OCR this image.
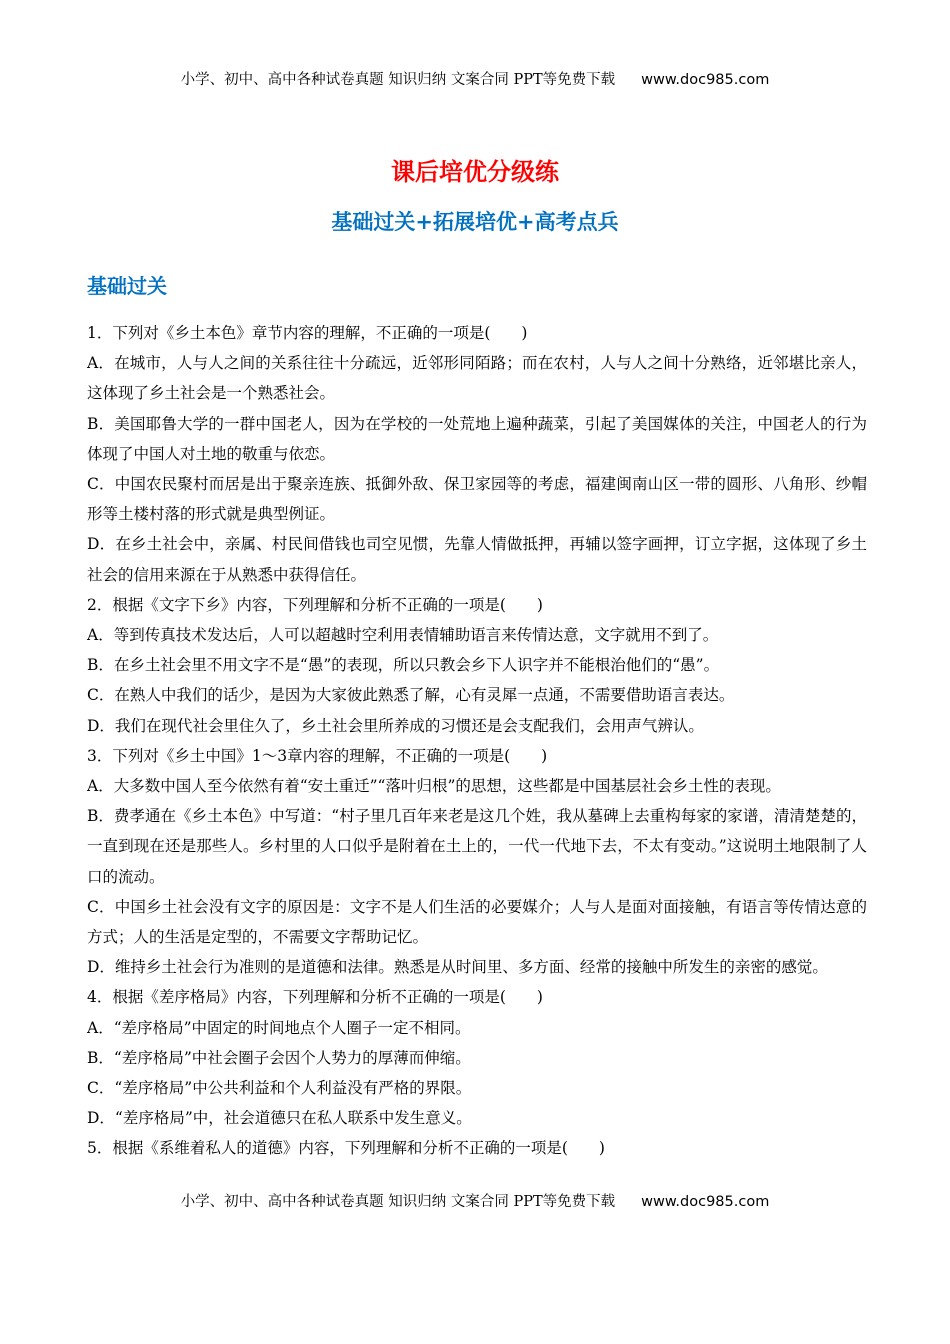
小学、初中、高中各种试卷真题 知识归纳 文案合同 PPT等免费下载 www.doc985.com
课后培优分级练
基础过关+拓展培优+高考点兵
基础过关

1．下列对《乡土本色》章节内容的理解，不正确的一项是(　　)

A．在城市，人与人之间的关系往往十分疏远，近邻形同陌路；而在农村，人与人之间十分熟络，近邻堪比亲人，这体现了乡土社会是一个熟悉社会。

B．美国耶鲁大学的一群中国老人，因为在学校的一处荒地上遍种蔬菜，引起了美国媒体的关注，中国老人的行为体现了中国人对土地的敬重与依恋。

C．中国农民聚村而居是出于聚亲连族、抵御外敌、保卫家园等的考虑，福建闽南山区一带的圆形、八角形、纱帽形等土楼村落的形式就是典型例证。

D．在乡土社会中，亲属、村民间借钱也司空见惯，先靠人情做抵押，再辅以签字画押，订立字据，这体现了乡土社会的信用来源在于从熟悉中获得信任。

2．根据《文字下乡》内容，下列理解和分析不正确的一项是(　　)

A．等到传真技术发达后，人可以超越时空利用表情辅助语言来传情达意，文字就用不到了。

B．在乡土社会里不用文字不是“愚”的表现，所以只教会乡下人识字并不能根治他们的“愚”。

C．在熟人中我们的话少，是因为大家彼此熟悉了解，心有灵犀一点通，不需要借助语言表达。

D．我们在现代社会里住久了，乡土社会里所养成的习惯还是会支配我们，会用声气辨认。

3．下列对《乡土中国》1～3章内容的理解，不正确的一项是(　　)

A．大多数中国人至今依然有着“安土重迁”“落叶归根”的思想，这些都是中国基层社会乡土性的表现。

B．费孝通在《乡土本色》中写道：“村子里几百年来老是这几个姓，我从墓碑上去重构每家的家谱，清清楚楚的，一直到现在还是那些人。乡村里的人口似乎是附着在土上的，一代一代地下去，不太有变动。”这说明土地限制了人口的流动。

C．中国乡土社会没有文字的原因是：文字不是人们生活的必要媒介；人与人是面对面接触，有语言等传情达意的方式；人的生活是定型的，不需要文字帮助记忆。

D．维持乡土社会行为准则的是道德和法律。熟悉是从时间里、多方面、经常的接触中所发生的亲密的感觉。

4．根据《差序格局》内容，下列理解和分析不正确的一项是(　　)

A．“差序格局”中固定的时间地点个人圈子一定不相同。

B．“差序格局”中社会圈子会因个人势力的厚薄而伸缩。

C．“差序格局”中公共利益和个人利益没有严格的界限。

D．“差序格局”中，社会道德只在私人联系中发生意义。

5．根据《系维着私人的道德》内容，下列理解和分析不正确的一项是(　　)

小学、初中、高中各种试卷真题 知识归纳 文案合同 PPT等免费下载 www.doc985.com
